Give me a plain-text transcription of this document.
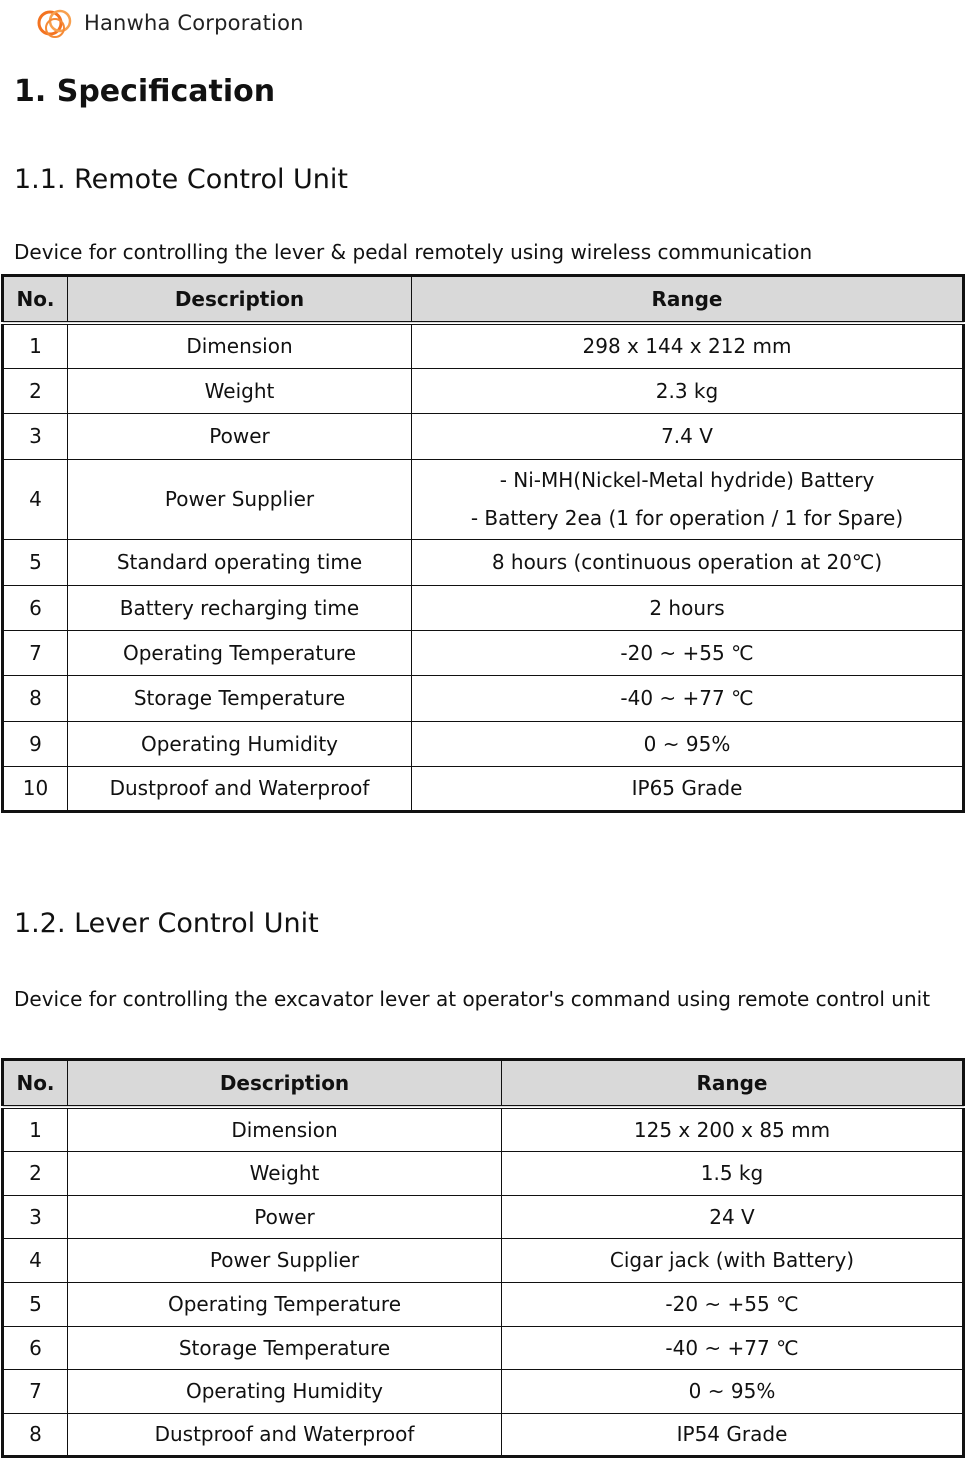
Hanwha Corporation
1. Specification
1.1. Remote Control Unit

Device for controlling the lever & pedal remotely using wireless communication

No.	Description	Range
1	Dimension	298 x 144 x 212 mm
2	Weight	2.3 kg
3	Power	7.4 V
4	Power Supplier	- Ni-MH(Nickel-Metal hydride) Battery
- Battery 2ea (1 for operation / 1 for Spare)

5	Standard operating time	8 hours (continuous operation at 20℃)
6	Battery recharging time	2 hours
7	Operating Temperature	-20 ~ +55 ℃
8	Storage Temperature	-40 ~ +77 ℃
9	Operating Humidity	0 ~ 95%
10	Dustproof and Waterproof	IP65 Grade
1.2. Lever Control Unit

Device for controlling the excavator lever at operator's command using remote control unit

No.	Description	Range
1	Dimension	125 x 200 x 85 mm
2	Weight	1.5 kg
3	Power	24 V
4	Power Supplier	Cigar jack (with Battery)
5	Operating Temperature	-20 ~ +55 ℃
6	Storage Temperature	-40 ~ +77 ℃
7	Operating Humidity	0 ~ 95%
8	Dustproof and Waterproof	IP54 Grade
